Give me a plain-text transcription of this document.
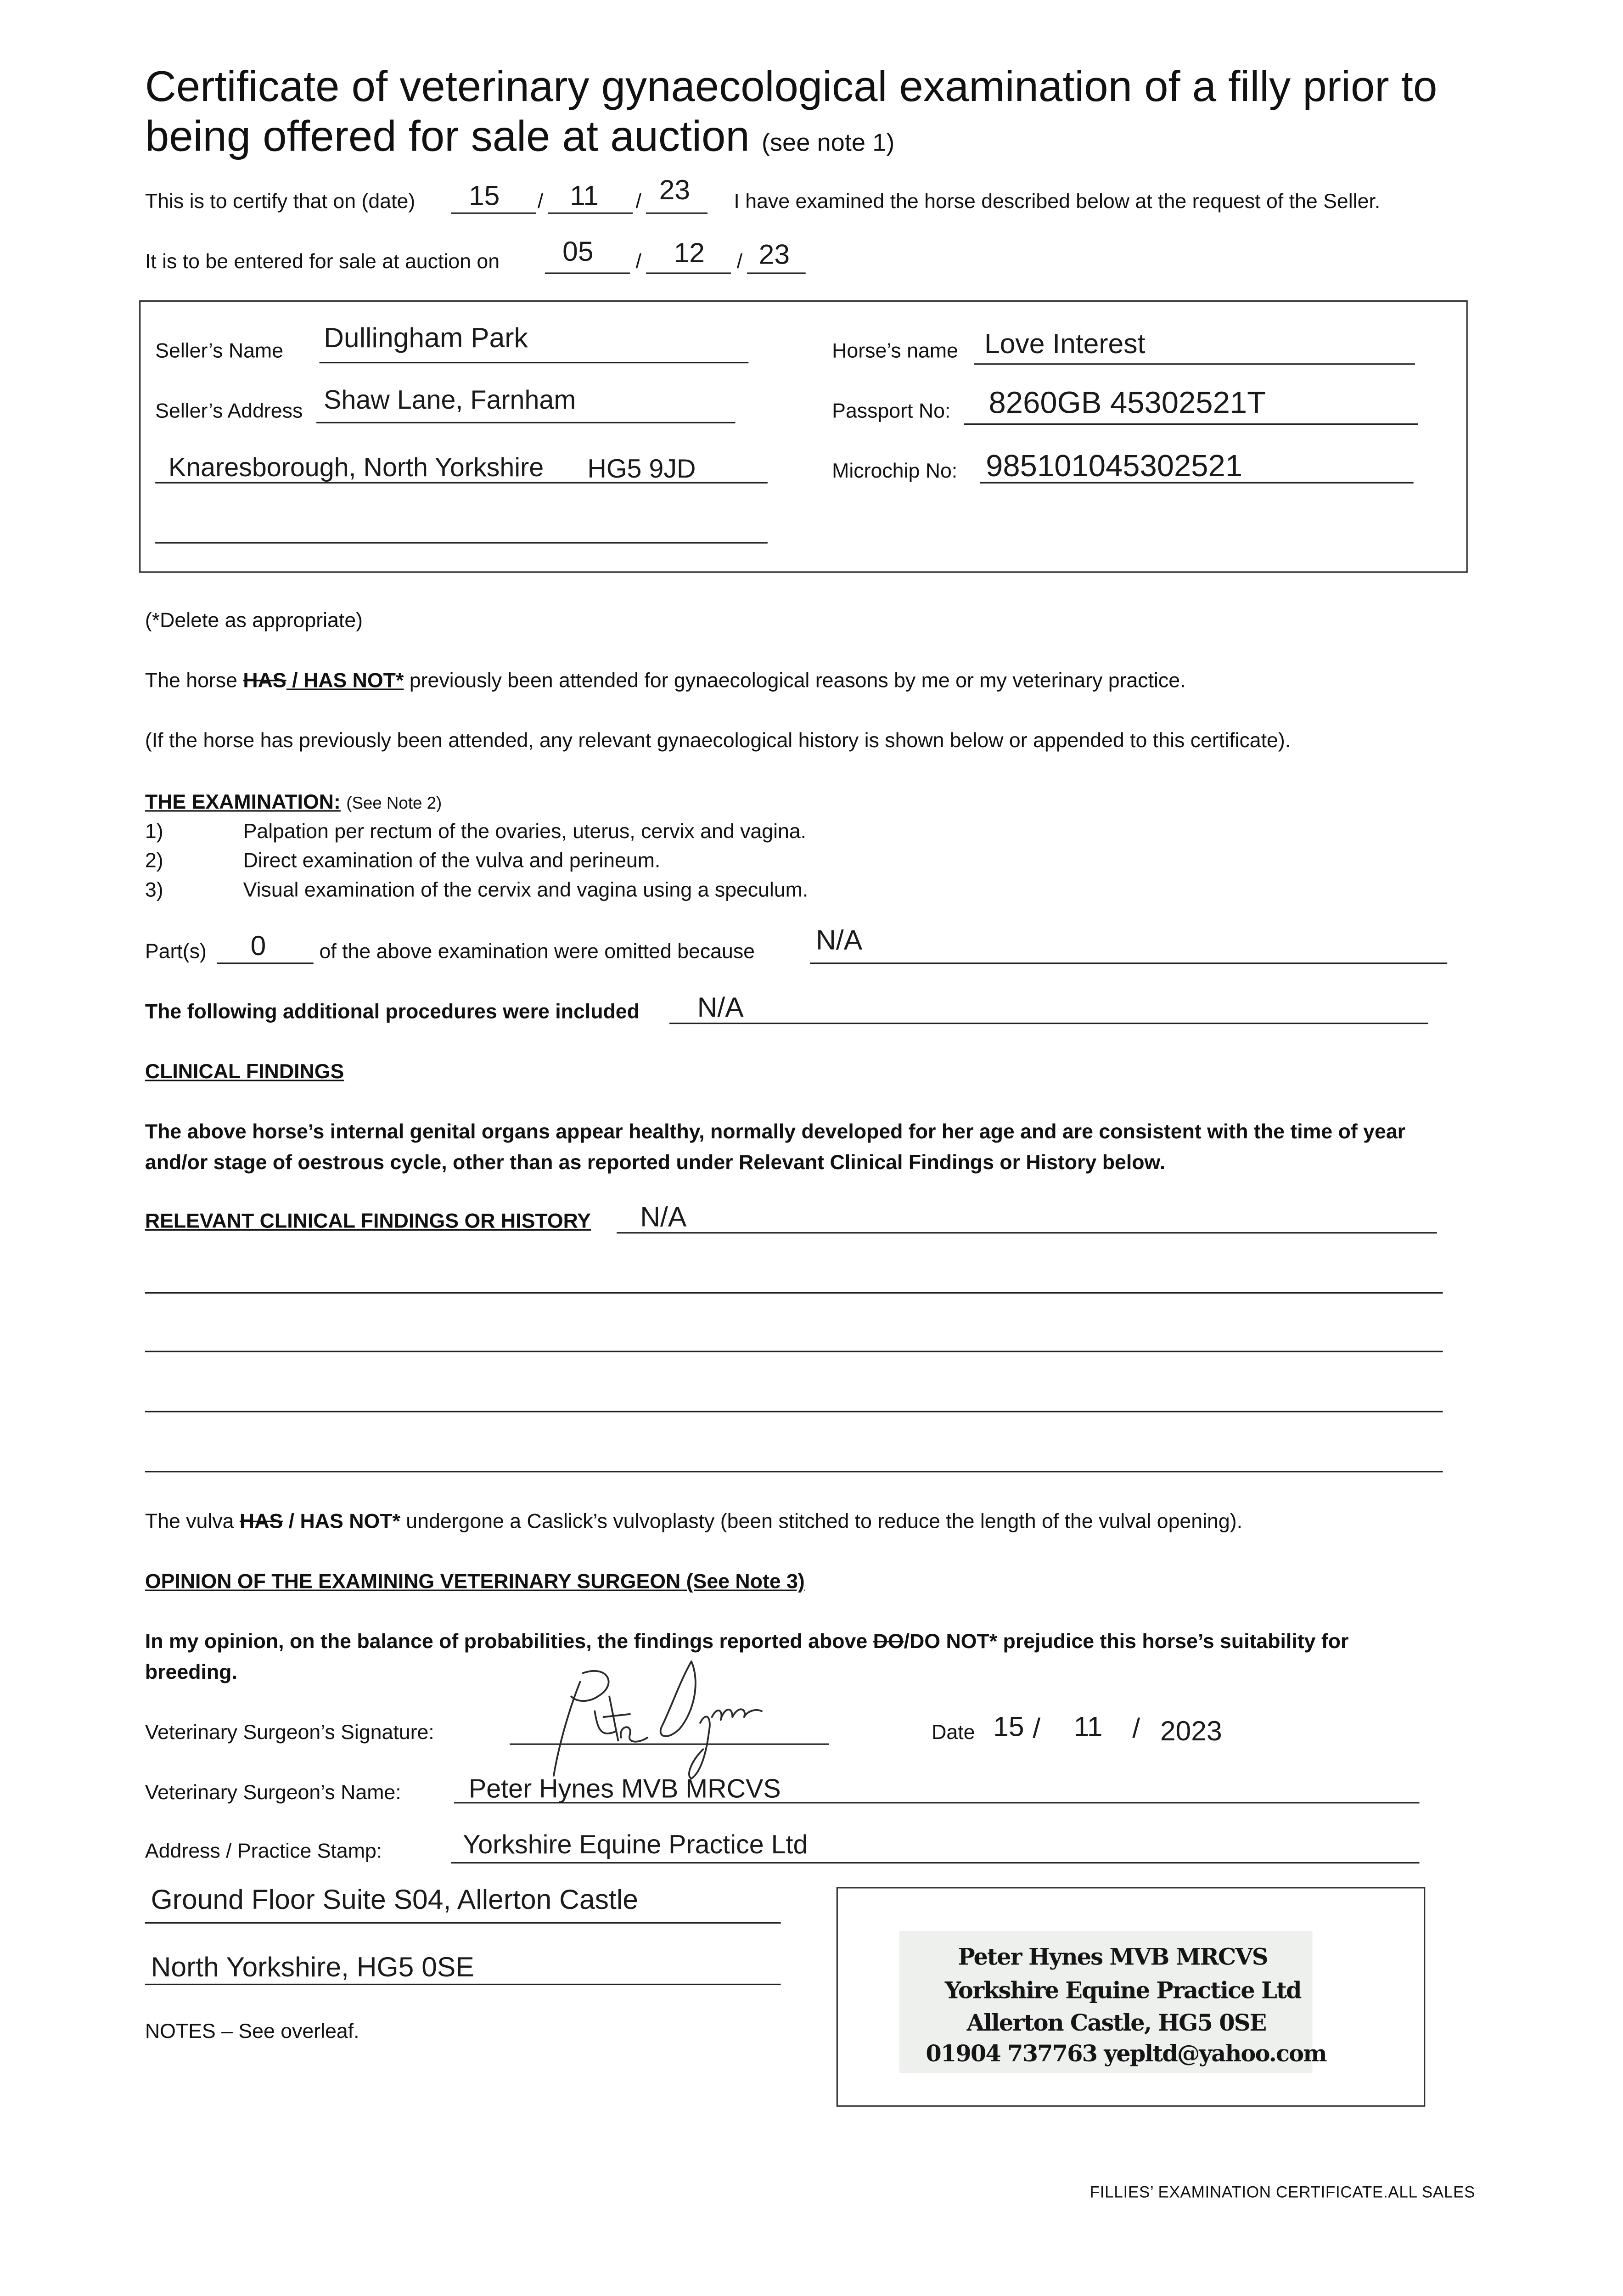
Certificate of veterinary gynaecological examination of a filly prior to
being offered for sale at auction (see note 1)
This is to certify that on (date)	15	/	11	/ 23	I have examined the horse described below at the request of the Seller.
It is to be entered for sale at auction on	05	/	12	/ 23
Seller’s Name	Dullingham Park
Seller’s Address	Shaw Lane, Farnham
Knaresborough, North Yorkshire	HG5 9JD
Horse’s name	Love Interest
Passport No:	8260GB 45302521T
Microchip No:	985101045302521
(*Delete as appropriate)
The horse HAS / HAS NOT* previously been attended for gynaecological reasons by me or my veterinary practice.
(If the horse has previously been attended, any relevant gynaecological history is shown below or appended to this certificate).
THE EXAMINATION: (See Note 2)
1)	Palpation per rectum of the ovaries, uterus, cervix and vagina.
2)	Direct examination of the vulva and perineum.
3)	Visual examination of the cervix and vagina using a speculum.
Part(s)	0	of the above examination were omitted because	N/A
The following additional procedures were included	N/A
CLINICAL FINDINGS
The above horse’s internal genital organs appear healthy, normally developed for her age and are consistent with the time of year
and/or stage of oestrous cycle, other than as reported under Relevant Clinical Findings or History below.
RELEVANT CLINICAL FINDINGS OR HISTORY	N/A
The vulva HAS / HAS NOT* undergone a Caslick’s vulvoplasty (been stitched to reduce the length of the vulval opening).
OPINION OF THE EXAMINING VETERINARY SURGEON (See Note 3)
In my opinion, on the balance of probabilities, the findings reported above DO/DO NOT* prejudice this horse’s suitability for
breeding.
Veterinary Surgeon’s Signature:	Date 15 /	11	/ 2023
Veterinary Surgeon’s Name:	Peter Hynes MVB MRCVS
Address / Practice Stamp:	Yorkshire Equine Practice Ltd
Ground Floor Suite S04, Allerton Castle
North Yorkshire, HG5 0SE	Peter Hynes MVB MRCVS
Yorkshire Equine Practice Ltd
Allerton Castle, HG5 0SE
01904 737763 yepltd@yahoo.com
NOTES – See overleaf.
FILLIES’ EXAMINATION CERTIFICATE.ALL SALES
